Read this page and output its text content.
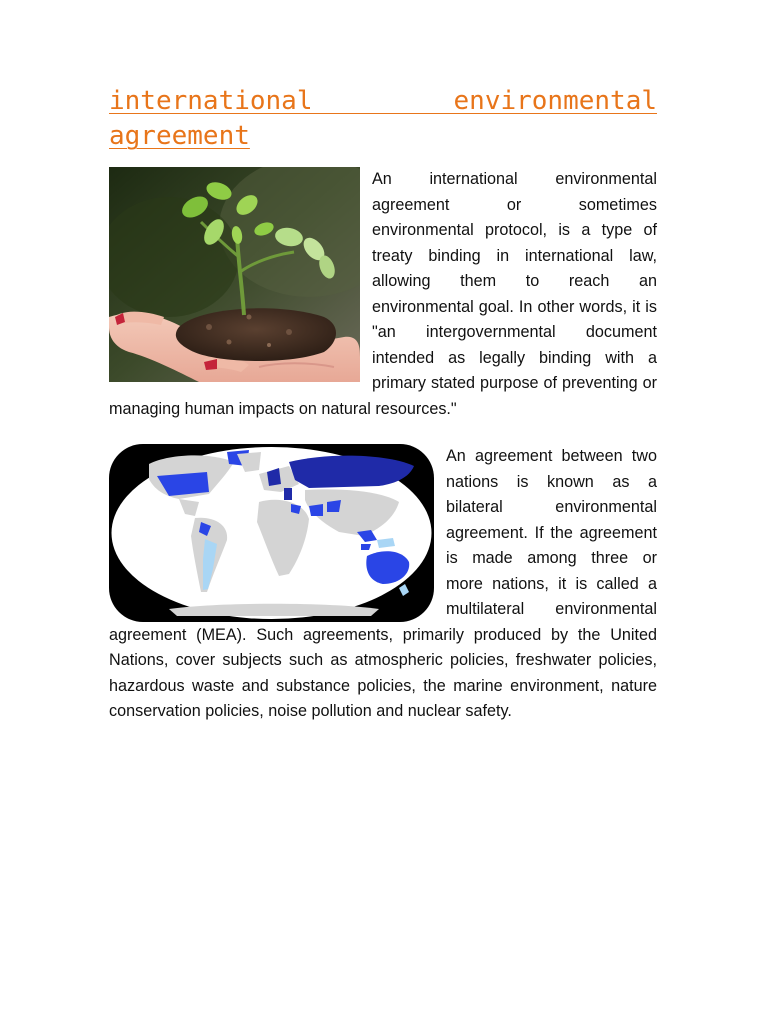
international environmental agreement

An international environmental agreement or sometimes environmental protocol, is a type of treaty binding in international law, allowing them to reach an environmental goal. In other words, it is "an intergovernmental document intended as legally binding with a primary stated purpose of preventing or managing human impacts on natural resources."

An agreement between two nations is known as a bilateral environmental agreement. If the agreement is made among three or more nations, it is called a multilateral environmental agreement (MEA). Such agreements, primarily produced by the United Nations, cover subjects such as atmospheric policies, freshwater policies, hazardous waste and substance policies, the marine environment, nature conservation policies, noise pollution and nuclear safety.
